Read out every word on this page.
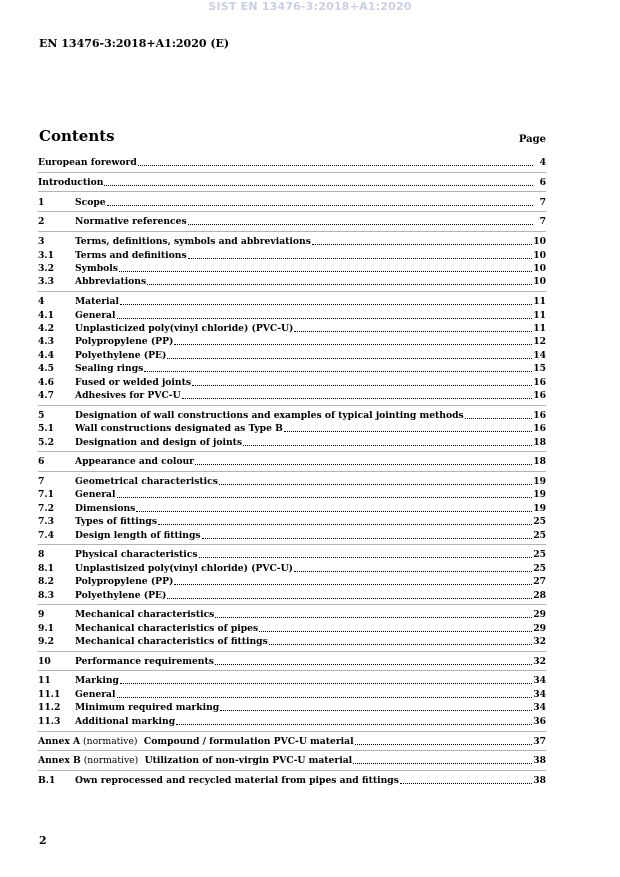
SIST EN 13476-3:2018+A1:2020
EN 13476-3:2018+A1:2020 (E)
Contents	Page
European foreword	4
Introduction	6
1	Scope	7
2	Normative references	7
3	Terms, definitions, symbols and abbreviations	10
3.1	Terms and definitions	10
3.2	Symbols	10
3.3	Abbreviations	10
4	Material	11
4.1	General	11
4.2	Unplasticized poly(vinyl chloride) (PVC-U)	11
4.3	Polypropylene (PP)	12
4.4	Polyethylene (PE)	14
4.5	Sealing rings	15
4.6	Fused or welded joints	16
4.7	Adhesives for PVC-U	16
5	Designation of wall constructions and examples of typical jointing methods	16
5.1	Wall constructions designated as Type B	16
5.2	Designation and design of joints	18
6	Appearance and colour	18
7	Geometrical characteristics	19
7.1	General	19
7.2	Dimensions	19
7.3	Types of fittings	25
7.4	Design length of fittings	25
8	Physical characteristics	25
8.1	Unplastisized poly(vinyl chloride) (PVC-U)	25
8.2	Polypropylene (PP)	27
8.3	Polyethylene (PE)	28
9	Mechanical characteristics	29
9.1	Mechanical characteristics of pipes	29
9.2	Mechanical characteristics of fittings	32
10	Performance requirements	32
11	Marking	34
11.1	General	34
11.2	Minimum required marking	34
11.3	Additional marking	36
Annex A (normative)  Compound / formulation PVC-U material	37
Annex B (normative)  Utilization of non-virgin PVC-U material	38
B.1	Own reprocessed and recycled material from pipes and fittings	38
2
